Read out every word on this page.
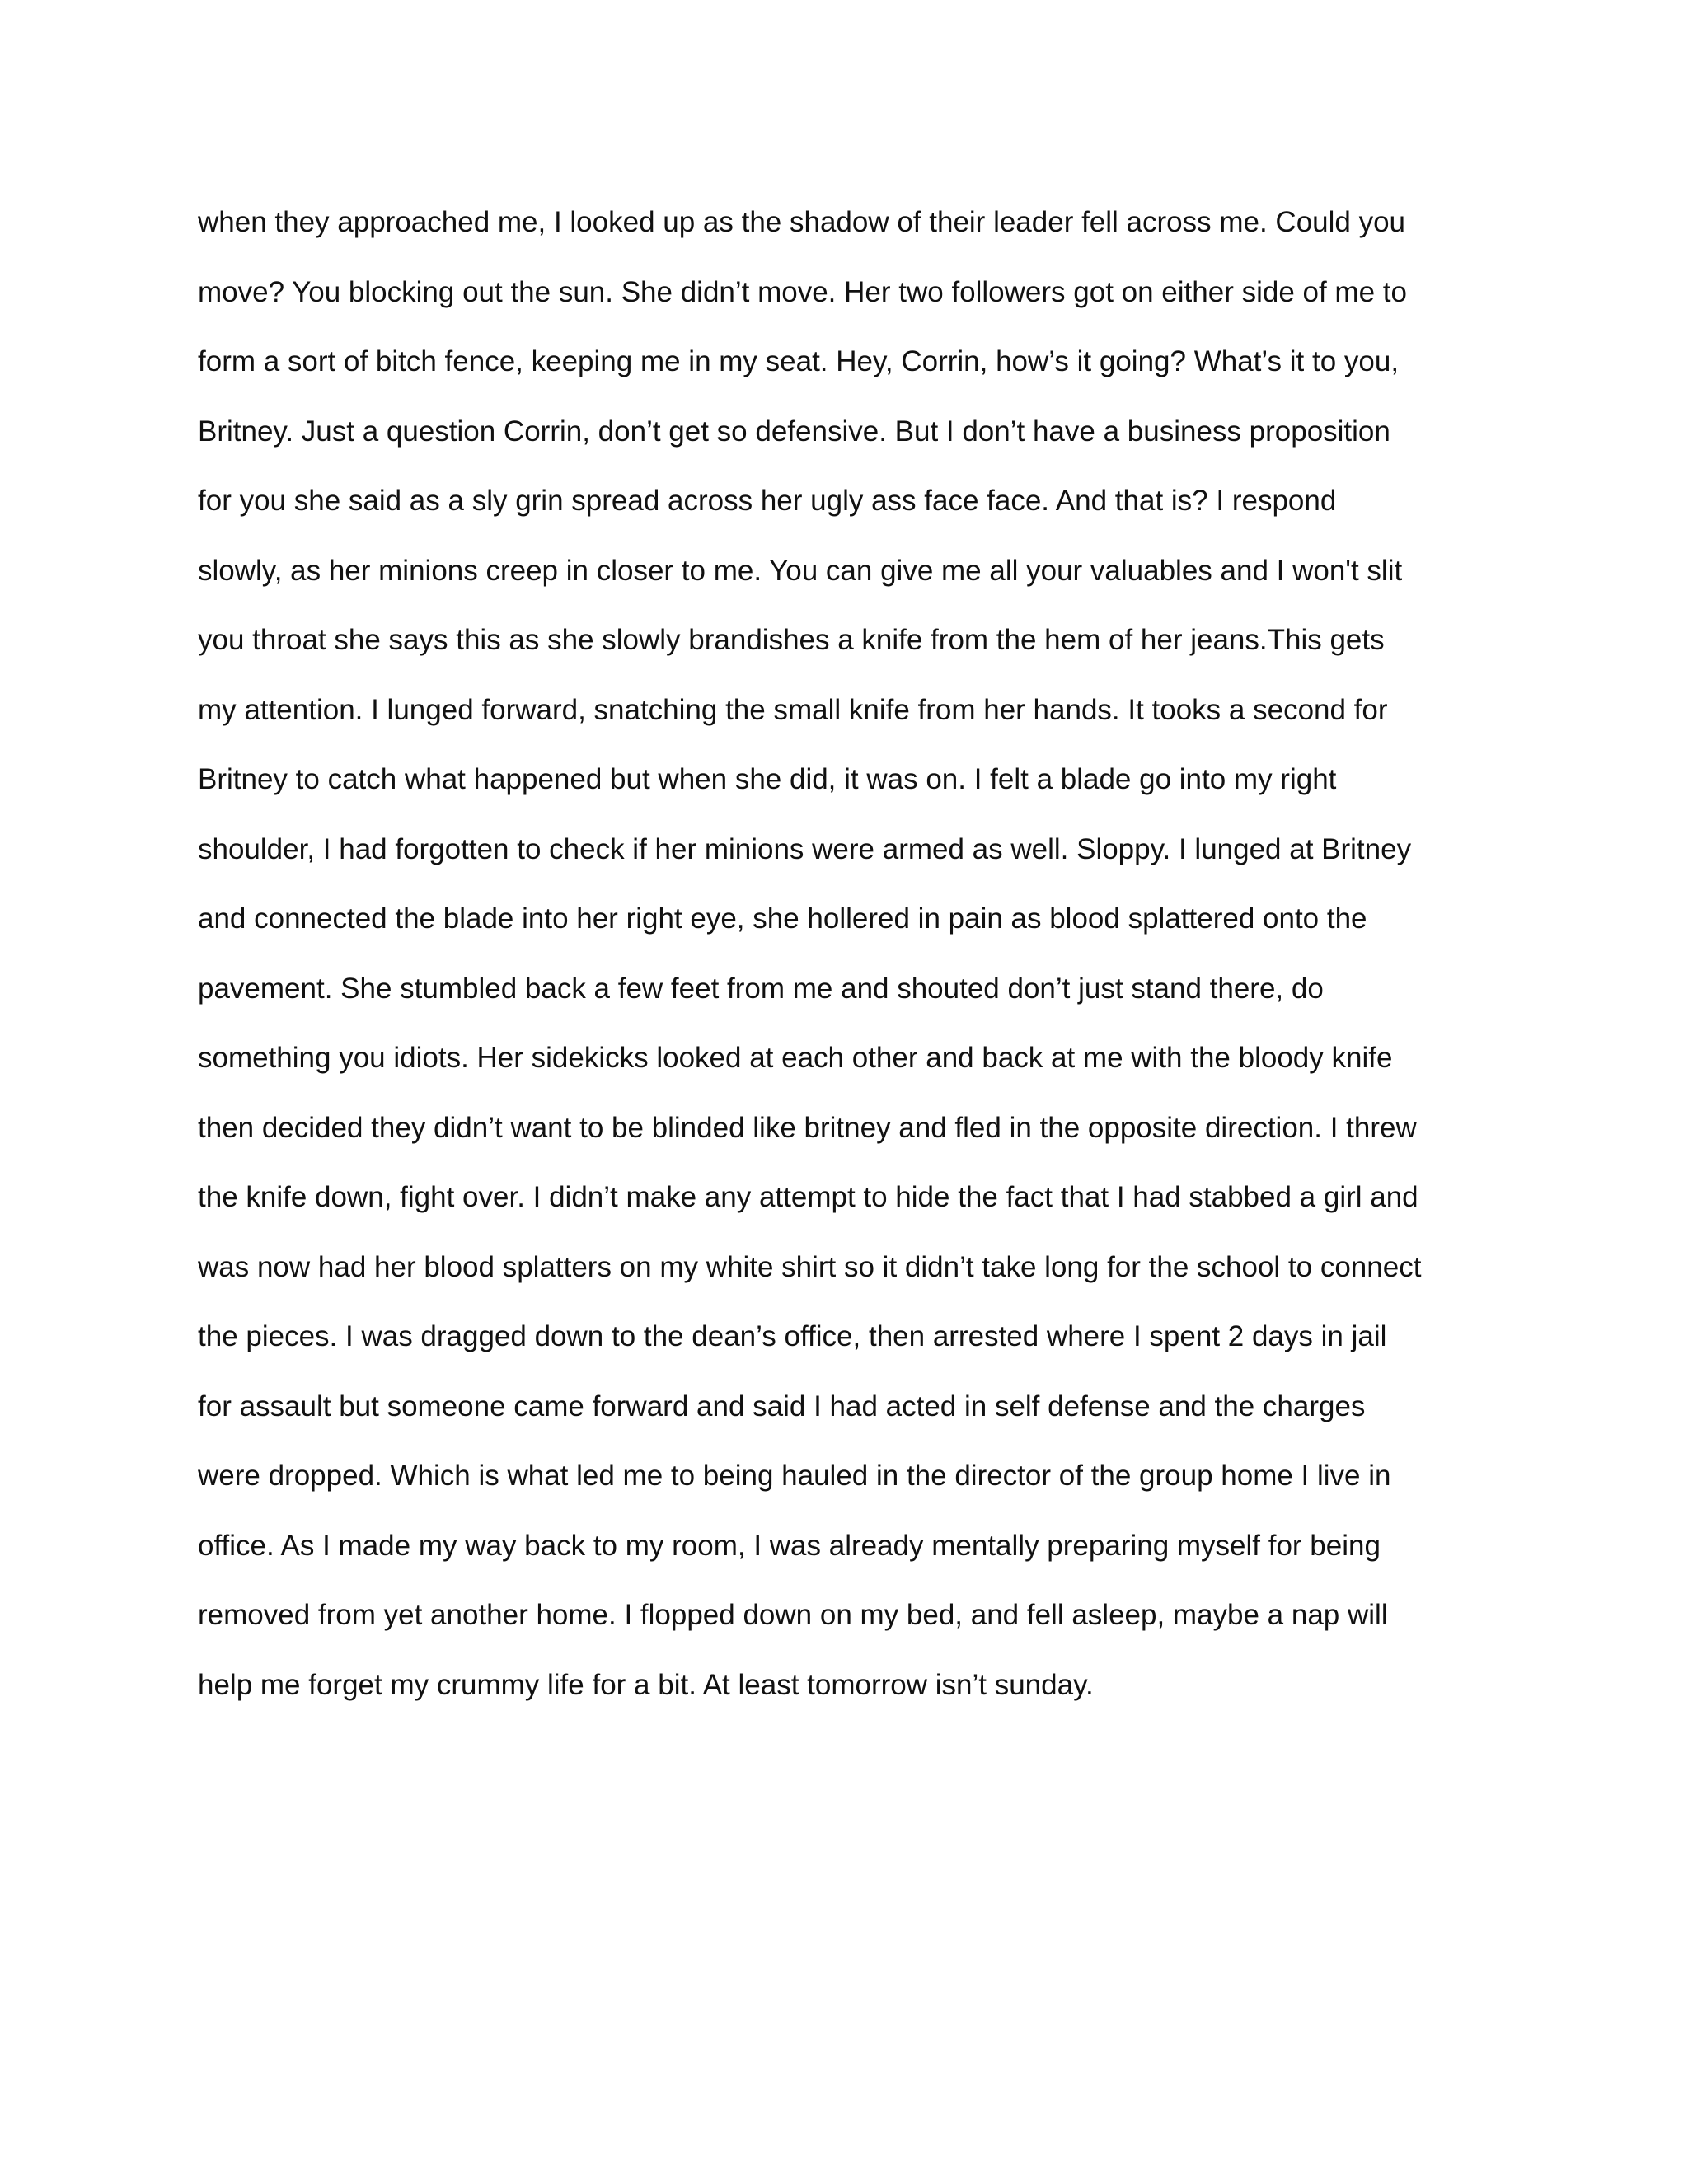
when they approached me, I looked up as the shadow of their leader fell across me. Could you
move? You blocking out the sun. She didn’t move. Her two followers got on either side of me to
form a sort of bitch fence, keeping me in my seat. Hey, Corrin, how’s it going? What’s it to you,
Britney. Just a question Corrin, don’t get so defensive. But I don’t have a business proposition
for you she said as a sly grin spread across her ugly ass face face. And that is? I respond
slowly, as her minions creep in closer to me. You can give me all your valuables and I won't slit
you throat she says this as she slowly brandishes a knife from the hem of her jeans.This gets
my attention. I lunged forward, snatching the small knife from her hands. It tooks a second for
Britney to catch what happened but when she did, it was on. I felt a blade go into my right
shoulder, I had forgotten to check if her minions were armed as well. Sloppy. I lunged at Britney
and connected the blade into her right eye, she hollered in pain as blood splattered onto the
pavement. She stumbled back a few feet from me and shouted don’t just stand there, do
something you idiots. Her sidekicks looked at each other and back at me with the bloody knife
then decided they didn’t want to be blinded like britney and fled in the opposite direction. I threw
the knife down, fight over. I didn’t make any attempt to hide the fact that I had stabbed a girl and
was now had her blood splatters on my white shirt so it didn’t take long for the school to connect
the pieces. I was dragged down to the dean’s office, then arrested where I spent 2 days in jail
for assault but someone came forward and said I had acted in self defense and the charges
were dropped. Which is what led me to being hauled in the director of the group home I live in
office. As I made my way back to my room, I was already mentally preparing myself for being
removed from yet another home. I flopped down on my bed, and fell asleep, maybe a nap will
help me forget my crummy life for a bit. At least tomorrow isn’t sunday.
